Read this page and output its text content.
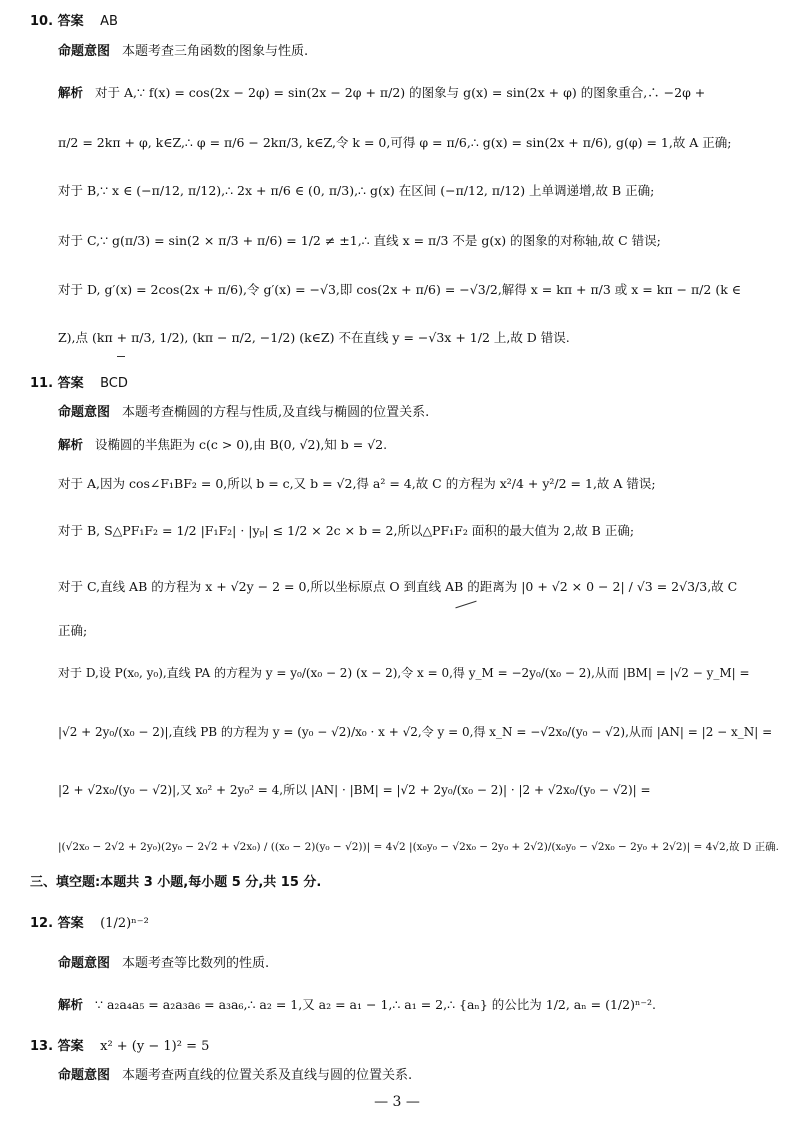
10. 答案 AB
命题意图 本题考查三角函数的图象与性质.
解析 对于 A,∵ f(x) = cos(2x − 2φ) = sin(2x − 2φ + π/2) 的图象与 g(x) = sin(2x + φ) 的图象重合,∴ −2φ +
π/2 = 2kπ + φ, k∈Z,∴ φ = π/6 − 2kπ/3, k∈Z,令 k = 0,可得 φ = π/6,∴ g(x) = sin(2x + π/6), g(φ) = 1,故 A 正确;
对于 B,∵ x ∈ (−π/12, π/12),∴ 2x + π/6 ∈ (0, π/3),∴ g(x) 在区间 (−π/12, π/12) 上单调递增,故 B 正确;
对于 C,∵ g(π/3) = sin(2 × π/3 + π/6) = 1/2 ≠ ±1,∴ 直线 x = π/3 不是 g(x) 的图象的对称轴,故 C 错误;
对于 D, g′(x) = 2cos(2x + π/6),令 g′(x) = −√3,即 cos(2x + π/6) = −√3/2,解得 x = kπ + π/3 或 x = kπ − π/2 (k ∈
Z),点 (kπ + π/3, 1/2), (kπ − π/2, −1/2) (k∈Z) 不在直线 y = −√3x + 1/2 上,故 D 错误.
11. 答案 BCD
命题意图 本题考查椭圆的方程与性质,及直线与椭圆的位置关系.
解析 设椭圆的半焦距为 c(c > 0),由 B(0, √2),知 b = √2.
对于 A,因为 cos∠F₁BF₂ = 0,所以 b = c,又 b = √2,得 a² = 4,故 C 的方程为 x²/4 + y²/2 = 1,故 A 错误;
对于 B, S△PF₁F₂ = 1/2 |F₁F₂| · |yₚ| ≤ 1/2 × 2c × b = 2,所以△PF₁F₂ 面积的最大值为 2,故 B 正确;
对于 C,直线 AB 的方程为 x + √2y − 2 = 0,所以坐标原点 O 到直线 AB 的距离为 |0 + √2 × 0 − 2| / √3 = 2√3/3,故 C
正确;
对于 D,设 P(x₀, y₀),直线 PA 的方程为 y = y₀/(x₀ − 2) (x − 2),令 x = 0,得 y_M = −2y₀/(x₀ − 2),从而 |BM| = |√2 − y_M| =
|√2 + 2y₀/(x₀ − 2)|,直线 PB 的方程为 y = (y₀ − √2)/x₀ · x + √2,令 y = 0,得 x_N = −√2x₀/(y₀ − √2),从而 |AN| = |2 − x_N| =
|2 + √2x₀/(y₀ − √2)|,又 x₀² + 2y₀² = 4,所以 |AN| · |BM| = |√2 + 2y₀/(x₀ − 2)| · |2 + √2x₀/(y₀ − √2)| =
|(√2x₀ − 2√2 + 2y₀)(2y₀ − 2√2 + √2x₀) / ((x₀ − 2)(y₀ − √2))| = 4√2 |(x₀y₀ − √2x₀ − 2y₀ + 2√2)/(x₀y₀ − √2x₀ − 2y₀ + 2√2)| = 4√2,故 D 正确.
三、填空题:本题共 3 小题,每小题 5 分,共 15 分.
12. 答案 (1/2)ⁿ⁻²
命题意图 本题考查等比数列的性质.
解析 ∵ a₂a₄a₅ = a₂a₃a₆ = a₃a₆,∴ a₂ = 1,又 a₂ = a₁ − 1,∴ a₁ = 2,∴ {aₙ} 的公比为 1/2, aₙ = (1/2)ⁿ⁻².
13. 答案 x² + (y − 1)² = 5
命题意图 本题考查两直线的位置关系及直线与圆的位置关系.
— 3 —
